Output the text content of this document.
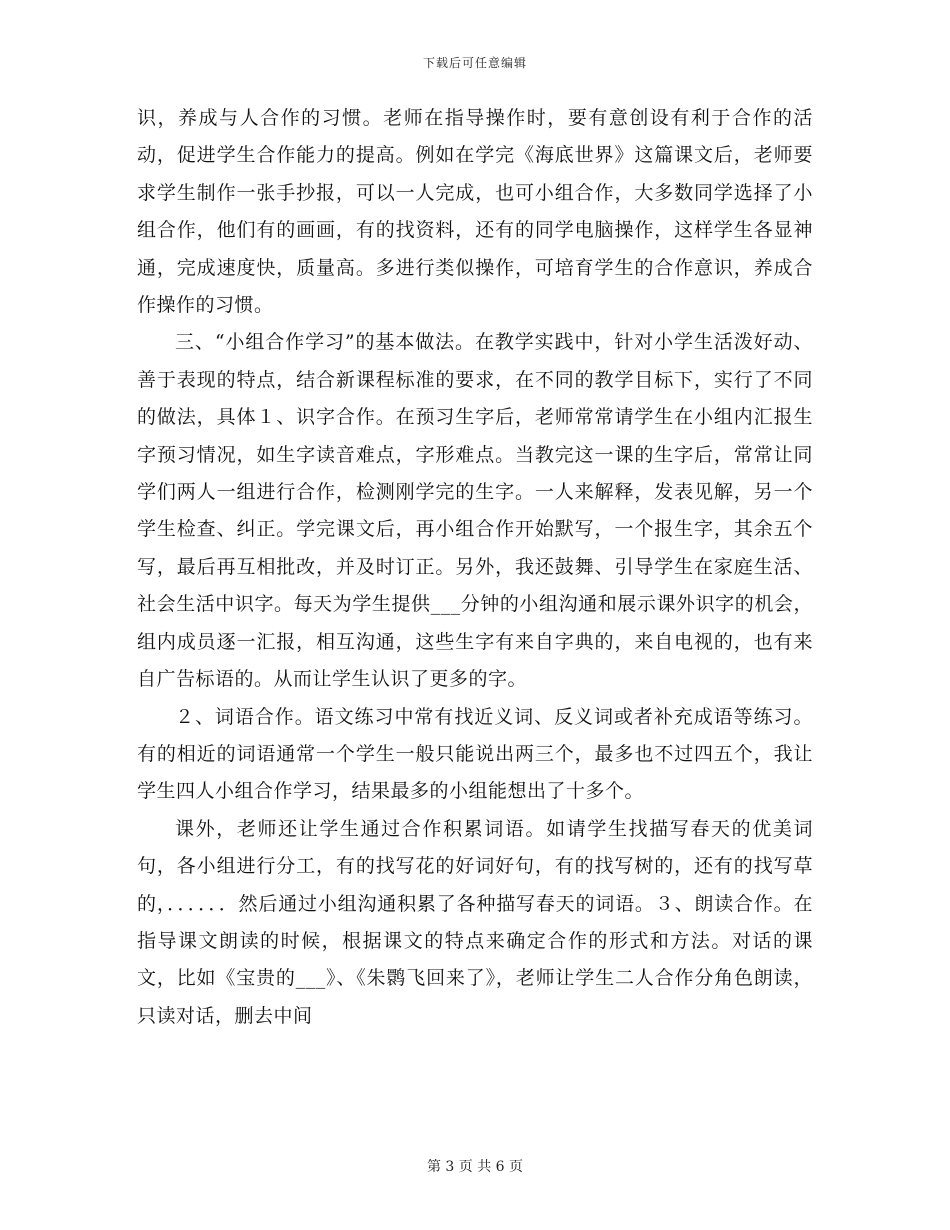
下载后可任意编辑

识，养成与人合作的习惯。老师在指导操作时，要有意创设有利于合作的活动，促进学生合作能力的提高。例如在学完《海底世界》这篇课文后，老师要求学生制作一张手抄报，可以一人完成，也可小组合作，大多数同学选择了小组合作，他们有的画画，有的找资料，还有的同学电脑操作，这样学生各显神通，完成速度快，质量高。多进行类似操作，可培育学生的合作意识，养成合作操作的习惯。

三、“小组合作学习”的基本做法。在教学实践中，针对小学生活泼好动、善于表现的特点，结合新课程标准的要求，在不同的教学目标下，实行了不同的做法，具体１、识字合作。在预习生字后，老师常常请学生在小组内汇报生字预习情况，如生字读音难点，字形难点。当教完这一课的生字后，常常让同学们两人一组进行合作，检测刚学完的生字。一人来解释，发表见解，另一个学生检查、纠正。学完课文后，再小组合作开始默写，一个报生字，其余五个写，最后再互相批改，并及时订正。另外，我还鼓舞、引导学生在家庭生活、社会生活中识字。每天为学生提供___分钟的小组沟通和展示课外识字的机会，组内成员逐一汇报，相互沟通，这些生字有来自字典的，来自电视的，也有来自广告标语的。从而让学生认识了更多的字。

２、词语合作。语文练习中常有找近义词、反义词或者补充成语等练习。有的相近的词语通常一个学生一般只能说出两三个，最多也不过四五个，我让学生四人小组合作学习，结果最多的小组能想出了十多个。

课外，老师还让学生通过合作积累词语。如请学生找描写春天的优美词句，各小组进行分工，有的找写花的好词好句，有的找写树的，还有的找写草的，．．．．．．然后通过小组沟通积累了各种描写春天的词语。３、朗读合作。在指导课文朗读的时候，根据课文的特点来确定合作的形式和方法。对话的课文，比如《宝贵的___》、《朱鹮飞回来了》，老师让学生二人合作分角色朗读，只读对话，删去中间

第 3 页 共 6 页
